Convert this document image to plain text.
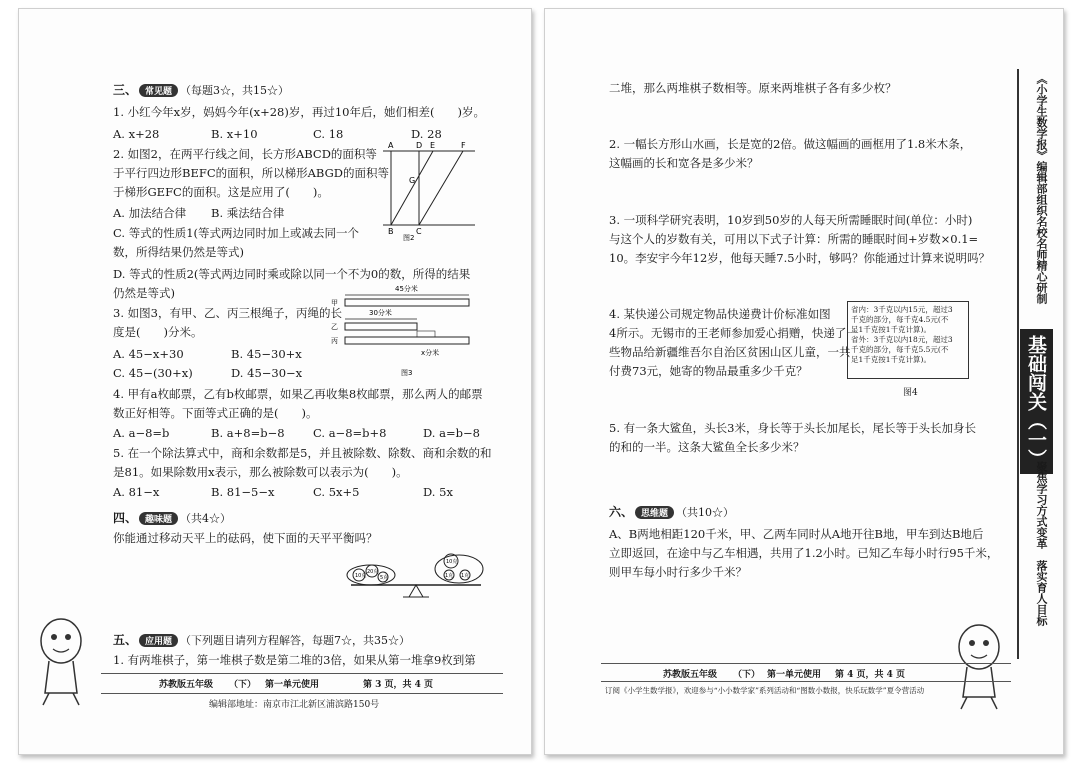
三、 常见题 （每题3☆，共15☆）
1. 小红今年x岁，妈妈今年(x+28)岁，再过10年后，她们相差(　　)岁。
A. x+28	B. x+10	C. 18	D. 28
2. 如图2，在两平行线之间，长方形ABCD的面积等
于平行四边形BEFC的面积，所以梯形ABGD的面积等
于梯形GEFC的面积。这是应用了(　　)。
A. 加法结合律 B. 乘法结合律
C. 等式的性质1(等式两边同时加上或减去同一个
数，所得结果仍然是等式)
D. 等式的性质2(等式两边同时乘或除以同一个不为0的数，所得的结果
仍然是等式)
A	D E	F
G
B	C
图2
3. 如图3，有甲、乙、丙三根绳子，丙绳的长
度是(　　)分米。
A. 45−x+30	B. 45−30+x
C. 45−(30+x)	D. 45−30−x
45分米
30分米
x分米
甲
乙
丙
图3
4. 甲有a枚邮票，乙有b枚邮票，如果乙再收集8枚邮票，那么两人的邮票
数正好相等。下面等式正确的是(　　)。
A. a−8=b	B. a+8=b−8 C. a−8=b+8	D. a=b−8
5. 在一个除法算式中，商和余数都是5，并且被除数、除数、商和余数的和
是81。如果除数用x表示，那么被除数可以表示为(　　)。
A. 81−x	B. 81−5−x	C. 5x+5	D. 5x
四、 趣味题 （共4☆）
你能通过移动天平上的砝码，使下面的天平平衡吗？
10克
20克
5克
10克
1克 1克
五、 应用题 （下列题目请列方程解答，每题7☆，共35☆）
1. 有两堆棋子，第一堆棋子数是第二堆的3倍，如果从第一堆拿9枚到第
苏教版五年级 （下） 第一单元使用	第 3 页，共 4 页
编辑部地址：南京市江北新区浦滨路150号
二堆，那么两堆棋子数相等。原来两堆棋子各有多少枚？
2. 一幅长方形山水画，长是宽的2倍。做这幅画的画框用了1.8米木条，
这幅画的长和宽各是多少米？
3. 一项科学研究表明，10岁到50岁的人每天所需睡眠时间(单位：小时)
与这个人的岁数有关，可用以下式子计算：所需的睡眠时间+岁数×0.1=
10。李安宇今年12岁，他每天睡7.5小时，够吗？你能通过计算来说明吗？
4. 某快递公司规定物品快递费计价标准如图
4所示。无锡市的王老师参加爱心捐赠，快递了一
些物品给新疆维吾尔自治区贫困山区儿童，一共
付费73元，她寄的物品最重多少千克？
省内：3千克以内15元，超过3
千克的部分，每千克4.5元(不
足1千克按1千克计算)。
省外：3千克以内18元，超过3
千克的部分，每千克5.5元(不
足1千克按1千克计算)。
图4
5. 有一条大鲨鱼，头长3米，身长等于头长加尾长，尾长等于头长加身长
的和的一半。这条大鲨鱼全长多少米？
六、 思维题 （共10☆）
A、B两地相距120千米，甲、乙两车同时从A地开往B地，甲车到达B地后
立即返回，在途中与乙车相遇，共用了1.2小时。已知乙车每小时行95千米，
则甲车每小时行多少千米？
《小学生数学报》编辑部组织名校名师精心研制
基础闯关（一）
聚焦学习方式变革　落实育人目标
苏教版五年级 （下） 第一单元使用 第 4 页，共 4 页
订阅《小学生数学报》，欢迎参与“小小数学家”系列活动和“图数小数报，快乐玩数学”夏令营活动
